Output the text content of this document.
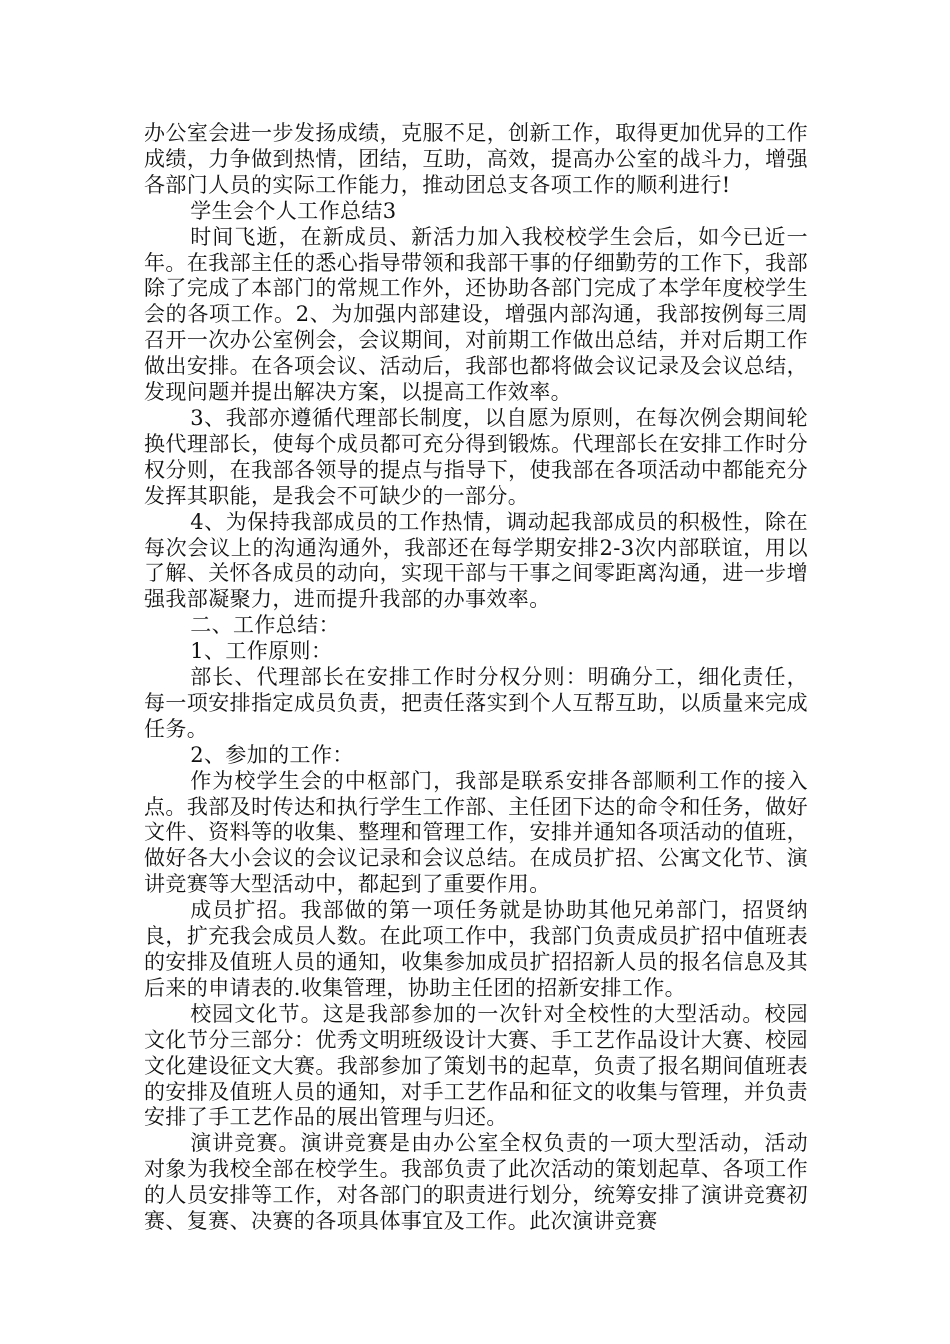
办公室会进一步发扬成绩，克服不足，创新工作，取得更加优异的工作成绩，力争做到热情，团结，互助，高效，提高办公室的战斗力，增强各部门人员的实际工作能力，推动团总支各项工作的顺利进行!

学生会个人工作总结3

时间飞逝，在新成员、新活力加入我校校学生会后，如今已近一年。在我部主任的悉心指导带领和我部干事的仔细勤劳的工作下，我部除了完成了本部门的常规工作外，还协助各部门完成了本学年度校学生会的各项工作。2、为加强内部建设，增强内部沟通，我部按例每三周召开一次办公室例会，会议期间，对前期工作做出总结，并对后期工作做出安排。在各项会议、活动后，我部也都将做会议记录及会议总结，发现问题并提出解决方案，以提高工作效率。

3、我部亦遵循代理部长制度，以自愿为原则，在每次例会期间轮换代理部长，使每个成员都可充分得到锻炼。代理部长在安排工作时分权分则，在我部各领导的提点与指导下，使我部在各项活动中都能充分发挥其职能，是我会不可缺少的一部分。

4、为保持我部成员的工作热情，调动起我部成员的积极性，除在每次会议上的沟通沟通外，我部还在每学期安排2-3次内部联谊，用以了解、关怀各成员的动向，实现干部与干事之间零距离沟通，进一步增强我部凝聚力，进而提升我部的办事效率。

二、工作总结：

1、工作原则：

部长、代理部长在安排工作时分权分则：明确分工，细化责任，每一项安排指定成员负责，把责任落实到个人互帮互助，以质量来完成任务。

2、参加的工作：

作为校学生会的中枢部门，我部是联系安排各部顺利工作的接入点。我部及时传达和执行学生工作部、主任团下达的命令和任务，做好文件、资料等的收集、整理和管理工作，安排并通知各项活动的值班，做好各大小会议的会议记录和会议总结。在成员扩招、公寓文化节、演讲竞赛等大型活动中，都起到了重要作用。

成员扩招。我部做的第一项任务就是协助其他兄弟部门，招贤纳良，扩充我会成员人数。在此项工作中，我部门负责成员扩招中值班表的安排及值班人员的通知，收集参加成员扩招招新人员的报名信息及其后来的申请表的.收集管理，协助主任团的招新安排工作。

校园文化节。这是我部参加的一次针对全校性的大型活动。校园文化节分三部分：优秀文明班级设计大赛、手工艺作品设计大赛、校园文化建设征文大赛。我部参加了策划书的起草，负责了报名期间值班表的安排及值班人员的通知，对手工艺作品和征文的收集与管理，并负责安排了手工艺作品的展出管理与归还。

演讲竞赛。演讲竞赛是由办公室全权负责的一项大型活动，活动对象为我校全部在校学生。我部负责了此次活动的策划起草、各项工作的人员安排等工作，对各部门的职责进行划分，统筹安排了演讲竞赛初赛、复赛、决赛的各项具体事宜及工作。此次演讲竞赛
